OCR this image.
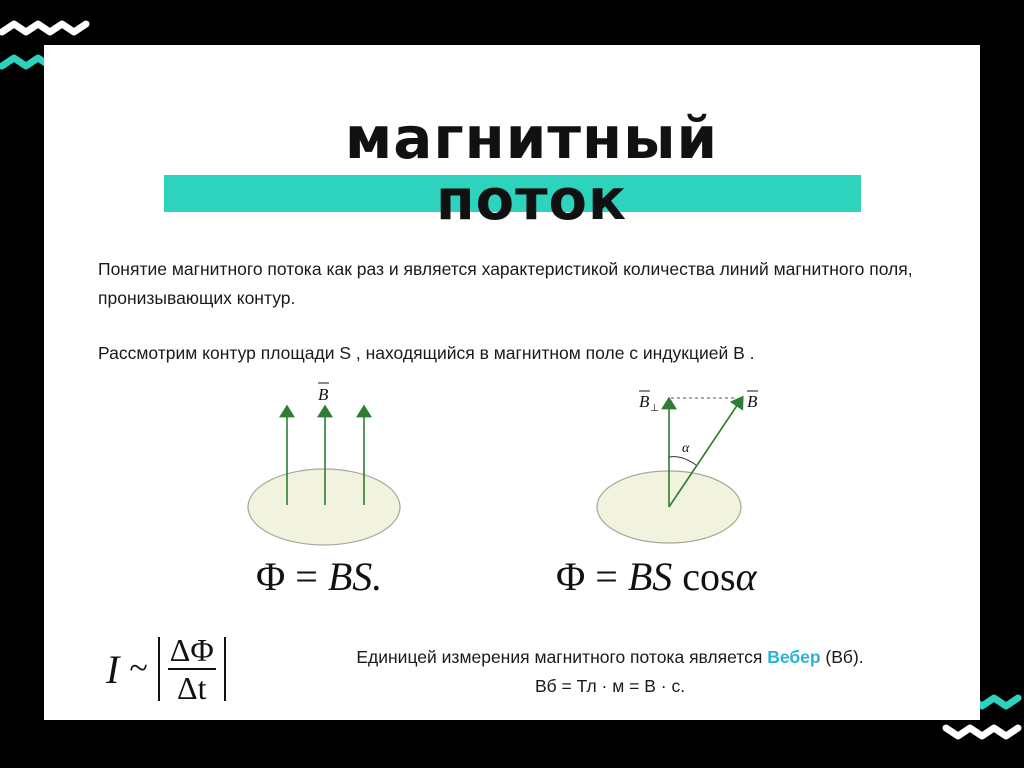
магнитный
поток
Понятие магнитного потока как раз и является характеристикой количества линий магнитного поля, пронизывающих контур.
Рассмотрим контур площади S , находящийся в магнитном поле с индукцией В .
B
α
B ⊥	B
Φ = BS.	Φ = BS cosα
I ~ $\frac{\Delta\Phi}{\Delta t}$	Единицей измерения магнитного потока является Вебер (Вб).
Вб = Тл · м = В · с.
